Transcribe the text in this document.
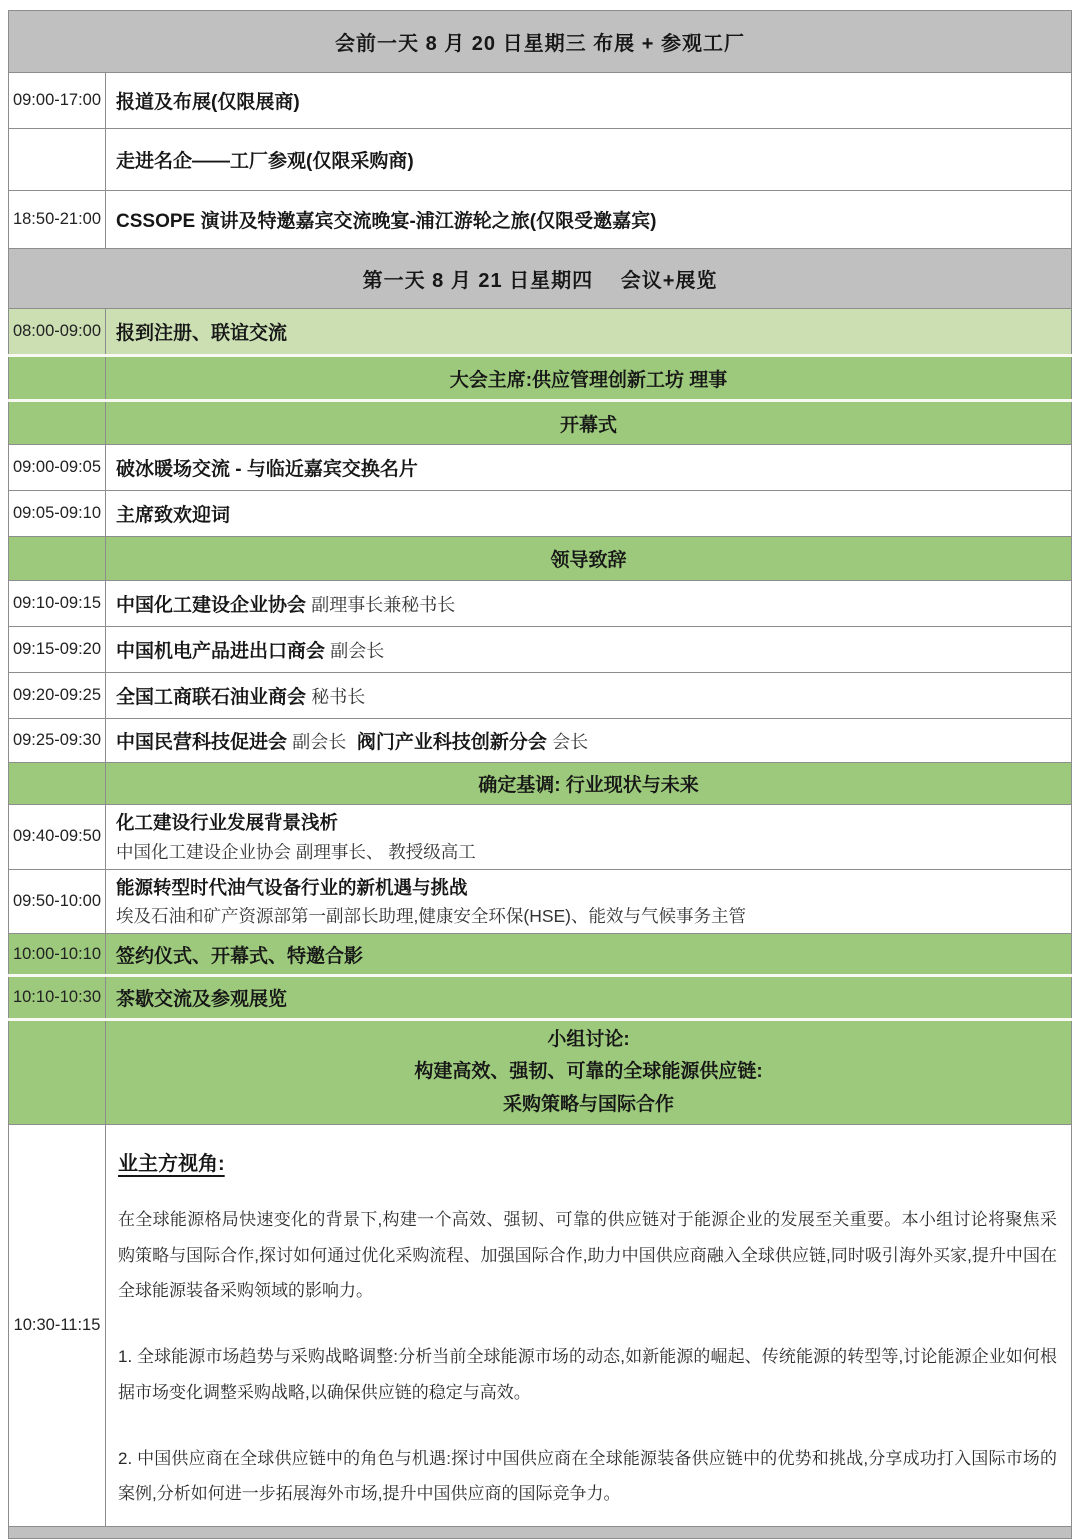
会前一天 8 月 20 日星期三 布展 + 参观工厂	
09:00-17:00	报道及布展(仅限展商)
	走进名企——工厂参观(仅限采购商)
18:50-21:00	CSSOPE 演讲及特邀嘉宾交流晚宴-浦江游轮之旅(仅限受邀嘉宾)
第一天 8 月 21 日星期四　 会议+展览	
08:00-09:00	报到注册、联谊交流
	大会主席:供应管理创新工坊 理事
	开幕式
09:00-09:05	破冰暖场交流 - 与临近嘉宾交换名片
09:05-09:10	主席致欢迎词
	领导致辞
09:10-09:15	中国化工建设企业协会 副理事长兼秘书长
09:15-09:20	中国机电产品进出口商会 副会长
09:20-09:25	全国工商联石油业商会 秘书长
09:25-09:30	中国民营科技促进会 副会长 阀门产业科技创新分会 会长
	确定基调: 行业现状与未来
09:40-09:50	化工建设行业发展背景浅析
中国化工建设企业协会 副理事长、 教授级高工

09:50-10:00	能源转型时代油气设备行业的新机遇与挑战
埃及石油和矿产资源部第一副部长助理,健康安全环保(HSE)、能效与气候事务主管

10:00-10:10	签约仪式、开幕式、特邀合影
10:10-10:30	茶歇交流及参观展览

	小组讨论:
构建高效、强韧、可靠的全球能源供应链:
采购策略与国际合作

10:30-11:15	业主方视角:

在全球能源格局快速变化的背景下,构建一个高效、强韧、可靠的供应链对于能源企业的发展至关重要。本小组讨论将聚焦采购策略与国际合作,探讨如何通过优化采购流程、加强国际合作,助力中国供应商融入全球供应链,同时吸引海外买家,提升中国在全球能源装备采购领域的影响力。

1. 全球能源市场趋势与采购战略调整:分析当前全球能源市场的动态,如新能源的崛起、传统能源的转型等,讨论能源企业如何根据市场变化调整采购战略,以确保供应链的稳定与高效。

2. 中国供应商在全球供应链中的角色与机遇:探讨中国供应商在全球能源装备供应链中的优势和挑战,分享成功打入国际市场的案例,分析如何进一步拓展海外市场,提升中国供应商的国际竞争力。
